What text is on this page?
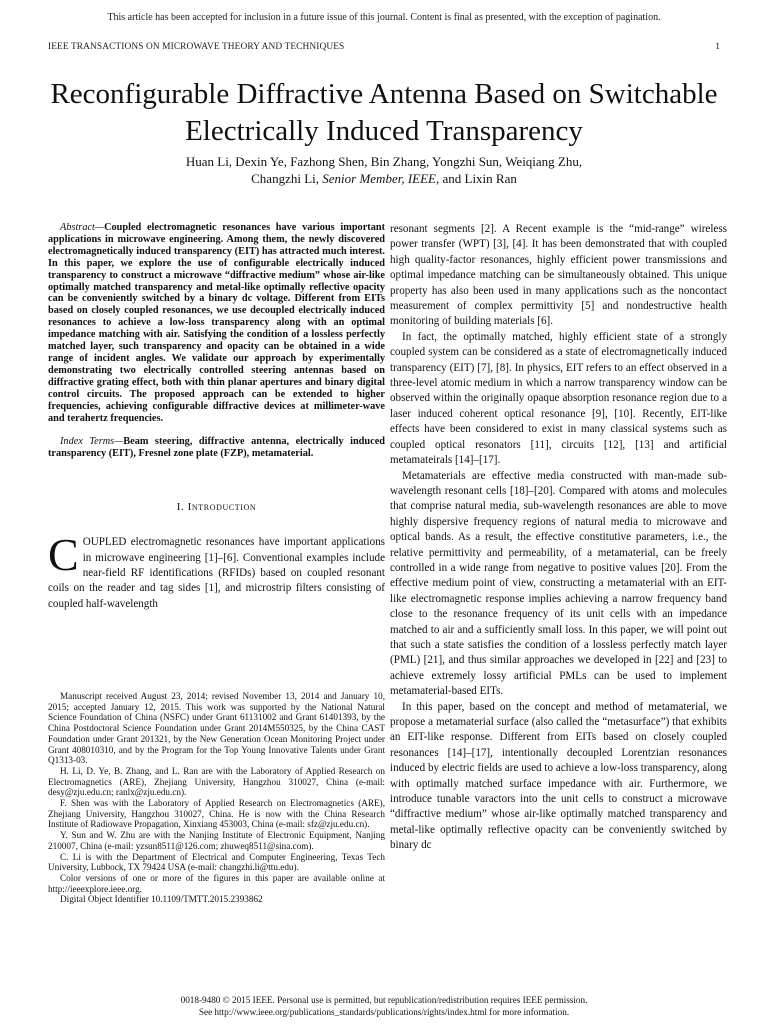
This article has been accepted for inclusion in a future issue of this journal. Content is final as presented, with the exception of pagination.
IEEE TRANSACTIONS ON MICROWAVE THEORY AND TECHNIQUES	1
Reconfigurable Diffractive Antenna Based on Switchable Electrically Induced Transparency
Huan Li, Dexin Ye, Fazhong Shen, Bin Zhang, Yongzhi Sun, Weiqiang Zhu,
Changzhi Li, Senior Member, IEEE, and Lixin Ran

Abstract—Coupled electromagnetic resonances have various important applications in microwave engineering. Among them, the newly discovered electromagnetically induced transparency (EIT) has attracted much interest. In this paper, we explore the use of configurable electrically induced transparency to construct a microwave “diffractive medium” whose air-like optimally matched transparency and metal-like optimally reflective opacity can be conveniently switched by a binary dc voltage. Different from EITs based on closely coupled resonances, we use decoupled electrically induced resonances to achieve a low-loss transparency along with an optimal impedance matching with air. Satisfying the condition of a lossless perfectly matched layer, such transparency and opacity can be obtained in a wide range of incident angles. We validate our approach by experimentally demonstrating two electrically controlled steering antennas based on diffractive grating effect, both with thin planar apertures and binary digital control circuits. The proposed approach can be extended to higher frequencies, achieving configurable diffractive devices at millimeter-wave and terahertz frequencies.

Index Terms—Beam steering, diffractive antenna, electrically induced transparency (EIT), Fresnel zone plate (FZP), metamaterial.
I. Introduction

COUPLED electromagnetic resonances have important applications in microwave engineering [1]–[6]. Conventional examples include near-field RF identifications (RFIDs) based on coupled resonant coils on the reader and tag sides [1], and microstrip filters consisting of coupled half-wavelength

Manuscript received August 23, 2014; revised November 13, 2014 and January 10, 2015; accepted January 12, 2015. This work was supported by the National Natural Science Foundation of China (NSFC) under Grant 61131002 and Grant 61401393, by the China Postdoctoral Science Foundation under Grant 2014M550325, by the China CAST Foundation under Grant 201321, by the New Generation Ocean Monitoring Project under Grant 408010310, and by the Program for the Top Young Innovative Talents under Grant Q1313-03.

H. Li, D. Ye, B. Zhang, and L. Ran are with the Laboratory of Applied Research on Electromagnetics (ARE), Zhejiang University, Hangzhou 310027, China (e-mail: desy@zju.edu.cn; ranlx@zju.edu.cn).

F. Shen was with the Laboratory of Applied Research on Electromagnetics (ARE), Zhejiang University, Hangzhou 310027, China. He is now with the China Research Institute of Radiowave Propagation, Xinxiang 453003, China (e-mail: sfz@zju.edu.cn).

Y. Sun and W. Zhu are with the Nanjing Institute of Electronic Equipment, Nanjing 210007, China (e-mail: yzsun8511@126.com; zhuweq8511@sina.com).

C. Li is with the Department of Electrical and Computer Engineering, Texas Tech University, Lubbock, TX 79424 USA (e-mail: changzhi.li@ttu.edu).

Color versions of one or more of the figures in this paper are available online at http://ieeexplore.ieee.org.

Digital Object Identifier 10.1109/TMTT.2015.2393862

resonant segments [2]. A Recent example is the “mid-range” wireless power transfer (WPT) [3], [4]. It has been demonstrated that with coupled high quality-factor resonances, highly efficient power transmissions and optimal impedance matching can be simultaneously obtained. This unique property has also been used in many applications such as the noncontact measurement of complex permittivity [5] and nondestructive health monitoring of building materials [6].

In fact, the optimally matched, highly efficient state of a strongly coupled system can be considered as a state of electromagnetically induced transparency (EIT) [7], [8]. In physics, EIT refers to an effect observed in a three-level atomic medium in which a narrow transparency window can be observed within the originally opaque absorption resonance region due to a laser induced coherent optical resonance [9], [10]. Recently, EIT-like effects have been considered to exist in many classical systems such as coupled optical resonators [11], circuits [12], [13] and artificial metamateirals [14]–[17].

Metamaterials are effective media constructed with man-made sub-wavelength resonant cells [18]–[20]. Compared with atoms and molecules that comprise natural media, sub-wavelength resonances are able to move highly dispersive frequency regions of natural media to microwave and optical bands. As a result, the effective constitutive parameters, i.e., the relative permittivity and permeability, of a metamaterial, can be freely controlled in a wide range from negative to positive values [20]. From the effective medium point of view, constructing a metamaterial with an EIT-like electromagnetic response implies achieving a narrow frequency band close to the resonance frequency of its unit cells with an impedance matched to air and a sufficiently small loss. In this paper, we will point out that such a state satisfies the condition of a lossless perfectly match layer (PML) [21], and thus similar approaches we developed in [22] and [23] to achieve extremely lossy artificial PMLs can be used to implement metamaterial-based EITs.

In this paper, based on the concept and method of metamaterial, we propose a metamaterial surface (also called the “metasurface”) that exhibits an EIT-like response. Different from EITs based on closely coupled resonances [14]–[17], intentionally decoupled Lorentzian resonances induced by electric fields are used to achieve a low-loss transparency, along with optimally matched surface impedance with air. Furthermore, we introduce tunable varactors into the unit cells to construct a microwave “diffractive medium” whose air-like optimally matched transparency and metal-like optimally reflective opacity can be conveniently switched by binary dc

0018-9480 © 2015 IEEE. Personal use is permitted, but republication/redistribution requires IEEE permission.
See http://www.ieee.org/publications_standards/publications/rights/index.html for more information.
